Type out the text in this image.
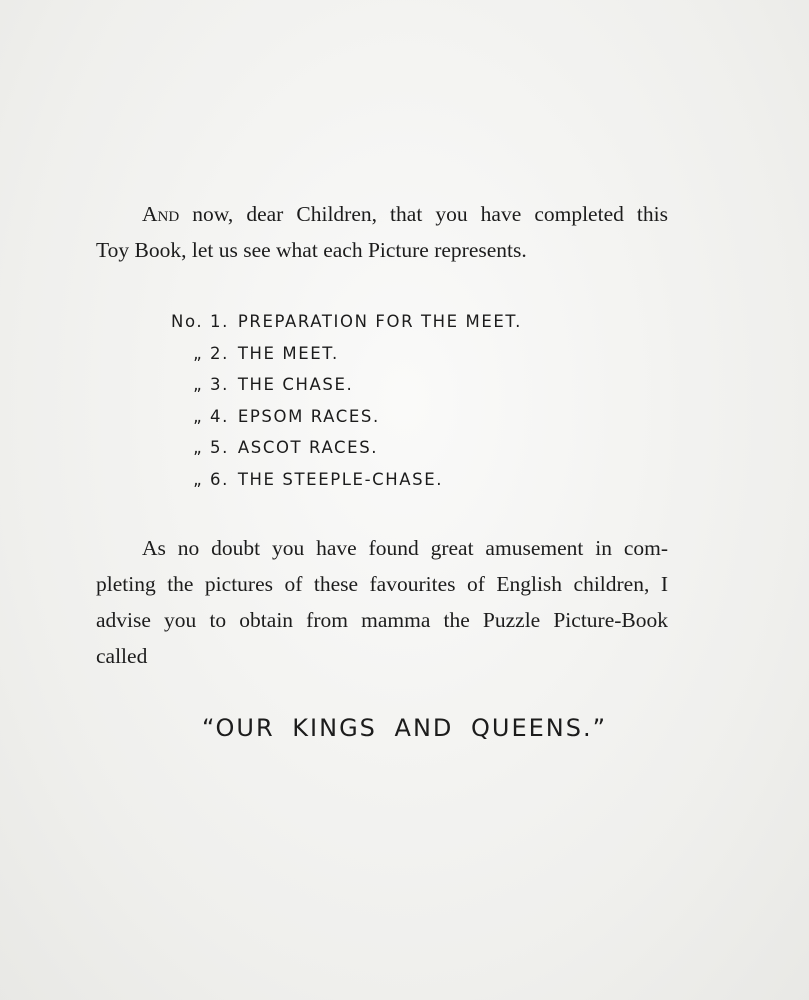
And now, dear Children, that you have completed this
Toy Book, let us see what each Picture represents.

No. 1. PREPARATION FOR THE MEET.
„ 2. THE MEET.
„ 3. THE CHASE.
„ 4. EPSOM RACES.
„ 5. ASCOT RACES.
„ 6. THE STEEPLE-CHASE.

As no doubt you have found great amusement in com-
pleting the pictures of these favourites of English children, I
advise you to obtain from mamma the Puzzle Picture-Book
called

“OUR KINGS AND QUEENS.”
